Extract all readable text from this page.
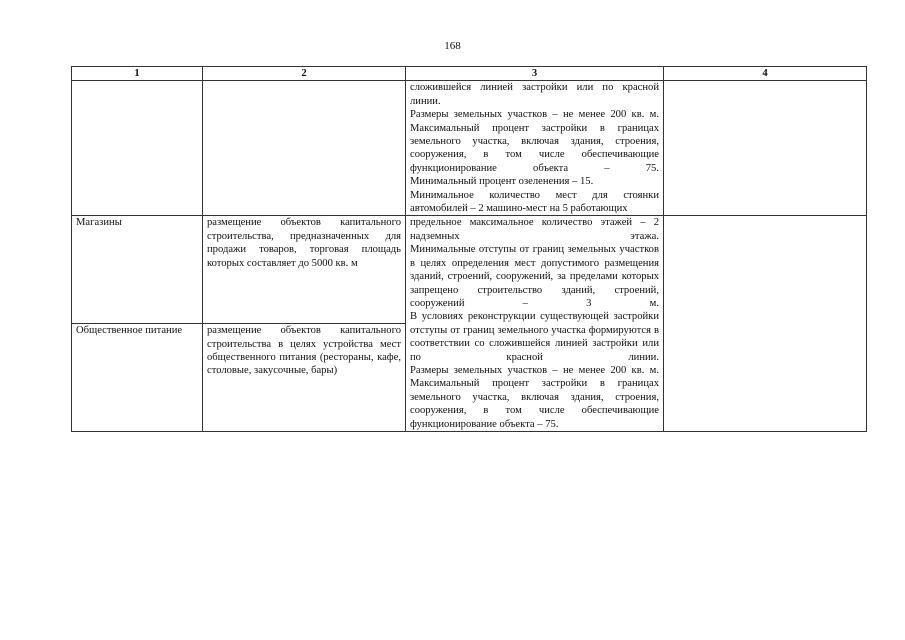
168
1	2	3	4

		сложившейся линией застройки или по красной линии.

Размеры земельных участков – не менее 200 кв. м.

Максимальный процент застройки в границах земельного участка, включая здания, строения, сооружения, в том числе обеспечивающие функционирование объекта – 75.

Минимальный процент озеленения – 15.

Минимальное количество мест для стоянки автомобилей – 2 машино-мест на 5 работающих	

Магазины	размещение объектов капитального строительства, предназначенных для продажи товаров, торговая площадь которых составляет до 5000 кв. м	предельное максимальное количество этажей – 2 надземных этажа.

Минимальные отступы от границ земельных участков в целях определения мест допустимого размещения зданий, строений, сооружений, за пределами которых запрещено строительство зданий, строений, сооружений – 3 м.

В условиях реконструкции существующей застройки отступы от границ земельного участка формируются в соответствии со сложившейся линией застройки или по красной линии.

Размеры земельных участков – не менее 200 кв. м.

Максимальный процент застройки в границах земельного участка, включая здания, строения, сооружения, в том числе обеспечивающие функционирование объекта – 75.	

Общественное питание	размещение объектов капитального строительства в целях устройства мест общественного питания (рестораны, кафе, столовые, закусочные, бары)		
